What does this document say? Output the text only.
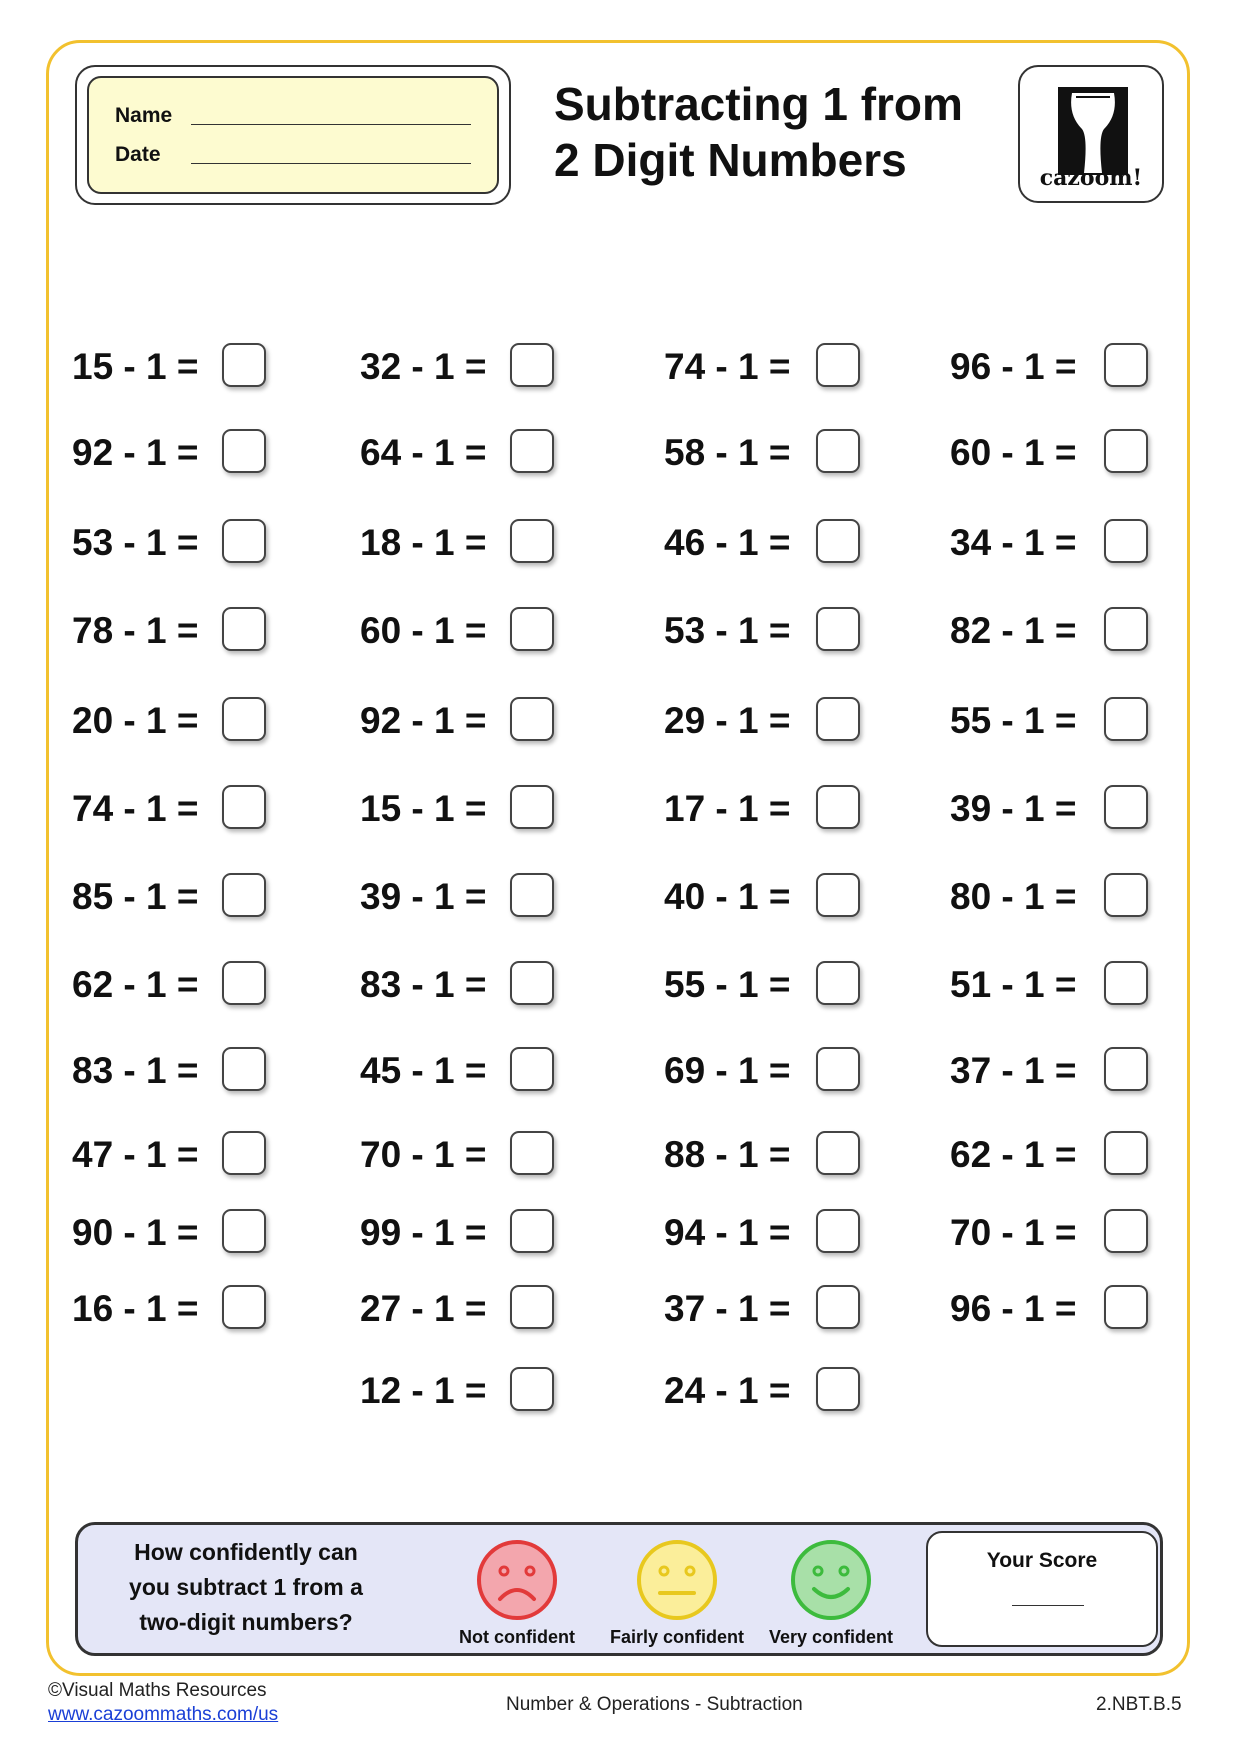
Name
Date
Subtracting 1 from
2 Digit Numbers	cazoom!
15 - 1 =
92 - 1 =
53 - 1 =
78 - 1 =
20 - 1 =
74 - 1 =
85 - 1 =
62 - 1 =
83 - 1 =
47 - 1 =
90 - 1 =
16 - 1 =
32 - 1 =
64 - 1 =
18 - 1 =
60 - 1 =
92 - 1 =
15 - 1 =
39 - 1 =
83 - 1 =
45 - 1 =
70 - 1 =
99 - 1 =
27 - 1 =
12 - 1 =
74 - 1 =
58 - 1 =
46 - 1 =
53 - 1 =
29 - 1 =
17 - 1 =
40 - 1 =
55 - 1 =
69 - 1 =
88 - 1 =
94 - 1 =
37 - 1 =
24 - 1 =
96 - 1 =
60 - 1 =
34 - 1 =
82 - 1 =
55 - 1 =
39 - 1 =
80 - 1 =
51 - 1 =
37 - 1 =
62 - 1 =
70 - 1 =
96 - 1 =
How confidently can you subtract 1 from a two-digit numbers?
Not confident	Fairly confident	Very confident
Your Score
©Visual Maths Resources
www.cazoommaths.com/us	Number & Operations - Subtraction	2.NBT.B.5
